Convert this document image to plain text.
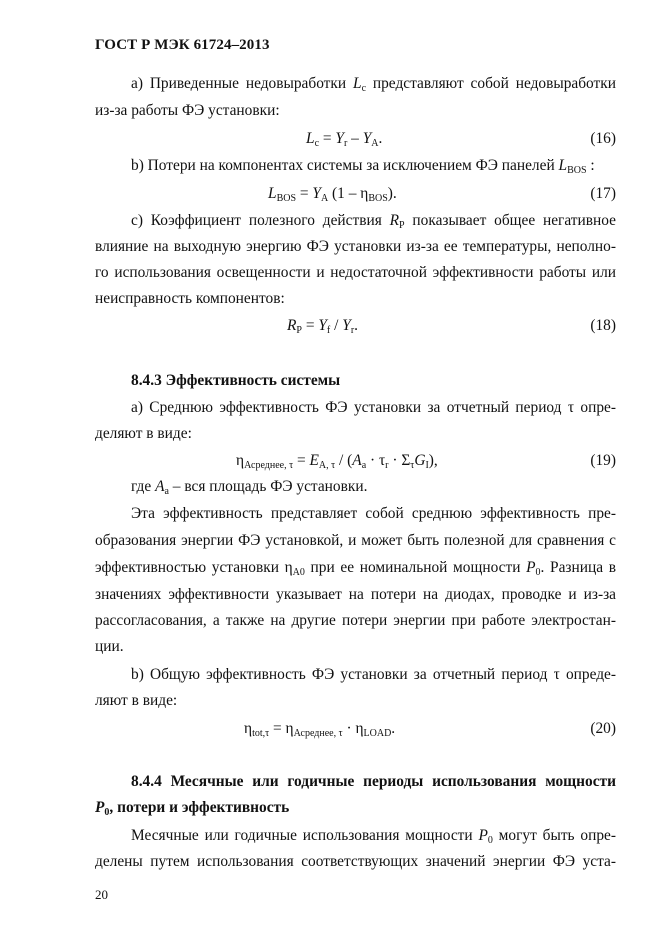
ГОСТ Р МЭК 61724–2013
а) Приведенные недовыработки $L_c$ представляют собой недовыработки
из-за работы ФЭ установки:
$L_c = Y_r - Y_A$.	(16)
b) Потери на компонентах системы за исключением ФЭ панелей $L_{BOS}$ :
$L_{BOS} = Y_A$ $(1 - \eta_{BOS})$.	(17)
с) Коэффициент полезного действия $R_P$ показывает общее негативное
влияние на выходную энергию ФЭ установки из-за ее температуры, неполно-
го использования освещенности и недостаточной эффективности работы или
неисправность компонентов:
$R_P = Y_f / Y_r$.	(18)
8.4.3 Эффективность системы
а) Среднюю эффективность ФЭ установки за отчетный период τ опре-
деляют в виде:
$\eta_{Асреднее, \tau} = E_{A, \tau} / (A_a \cdot \tau_r \cdot \Sigma_\tau G_I)$,	(19)
где $A_a$ – вся площадь ФЭ установки.
Эта эффективность представляет собой среднюю эффективность пре-
образования энергии ФЭ установкой, и может быть полезной для сравнения с
эффективностью установки $\eta_{A0}$ при ее номинальной мощности $P_0$. Разница в
значениях эффективности указывает на потери на диодах, проводке и из-за
рассогласования, а также на другие потери энергии при работе электростан-
ции.
b) Общую эффективность ФЭ установки за отчетный период τ опреде-
ляют в виде:
$\eta_{tot,\tau} = \eta_{Асреднее, \tau} \cdot \eta_{LOAD}$.	(20)
8.4.4 Месячные или годичные периоды использования мощности
$P_0$, потери и эффективность
Месячные или годичные использования мощности $P_0$ могут быть опре-
делены путем использования соответствующих значений энергии ФЭ уста-
20
